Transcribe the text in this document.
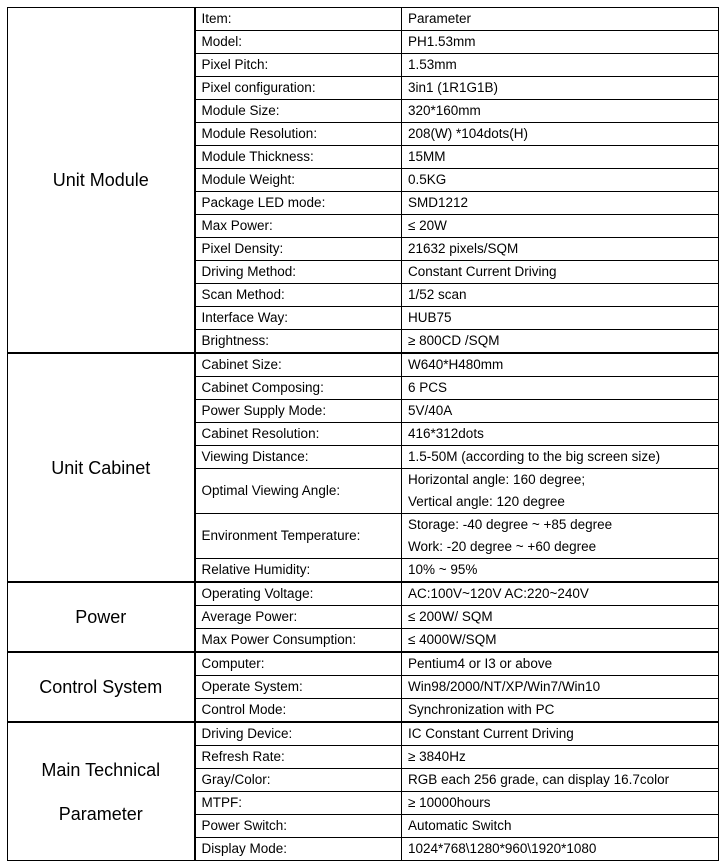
Unit Module	Item:	Parameter
	Model:	PH1.53mm
	Pixel Pitch:	1.53mm
	Pixel configuration:	3in1 (1R1G1B)
	Module Size:	320*160mm
	Module Resolution:	208(W) *104dots(H)
	Module Thickness:	15MM
	Module Weight:	0.5KG
	Package LED mode:	SMD1212
	Max Power:	≤ 20W
	Pixel Density:	21632 pixels/SQM
	Driving Method:	Constant Current Driving
	Scan Method:	1/52 scan
	Interface Way:	HUB75
	Brightness:	≥ 800CD /SQM
Unit Cabinet	Cabinet Size:	W640*H480mm
	Cabinet Composing:	6 PCS
	Power Supply Mode:	5V/40A
	Cabinet Resolution:	416*312dots
	Viewing Distance:	1.5-50M (according to the big screen size)
	Optimal Viewing Angle:	Horizontal angle: 160 degree;
Vertical angle: 120 degree

	Environment Temperature:	Storage: -40 degree ~ +85 degree
Work: -20 degree ~ +60 degree

	Relative Humidity:	10% ~ 95%
Power	Operating Voltage:	AC:100V~120V AC:220~240V
	Average Power:	≤ 200W/ SQM
	Max Power Consumption:	≤ 4000W/SQM
Control System	Computer:	Pentium4 or I3 or above
	Operate System:	Win98/2000/NT/XP/Win7/Win10
	Control Mode:	Synchronization with PC

Main Technical
Parameter	Driving Device:	IC Constant Current Driving
	Refresh Rate:	≥ 3840Hz
	Gray/Color:	RGB each 256 grade, can display 16.7color
	MTPF:	≥ 10000hours
	Power Switch:	Automatic Switch
	Display Mode:	1024*768\1280*960\1920*1080
